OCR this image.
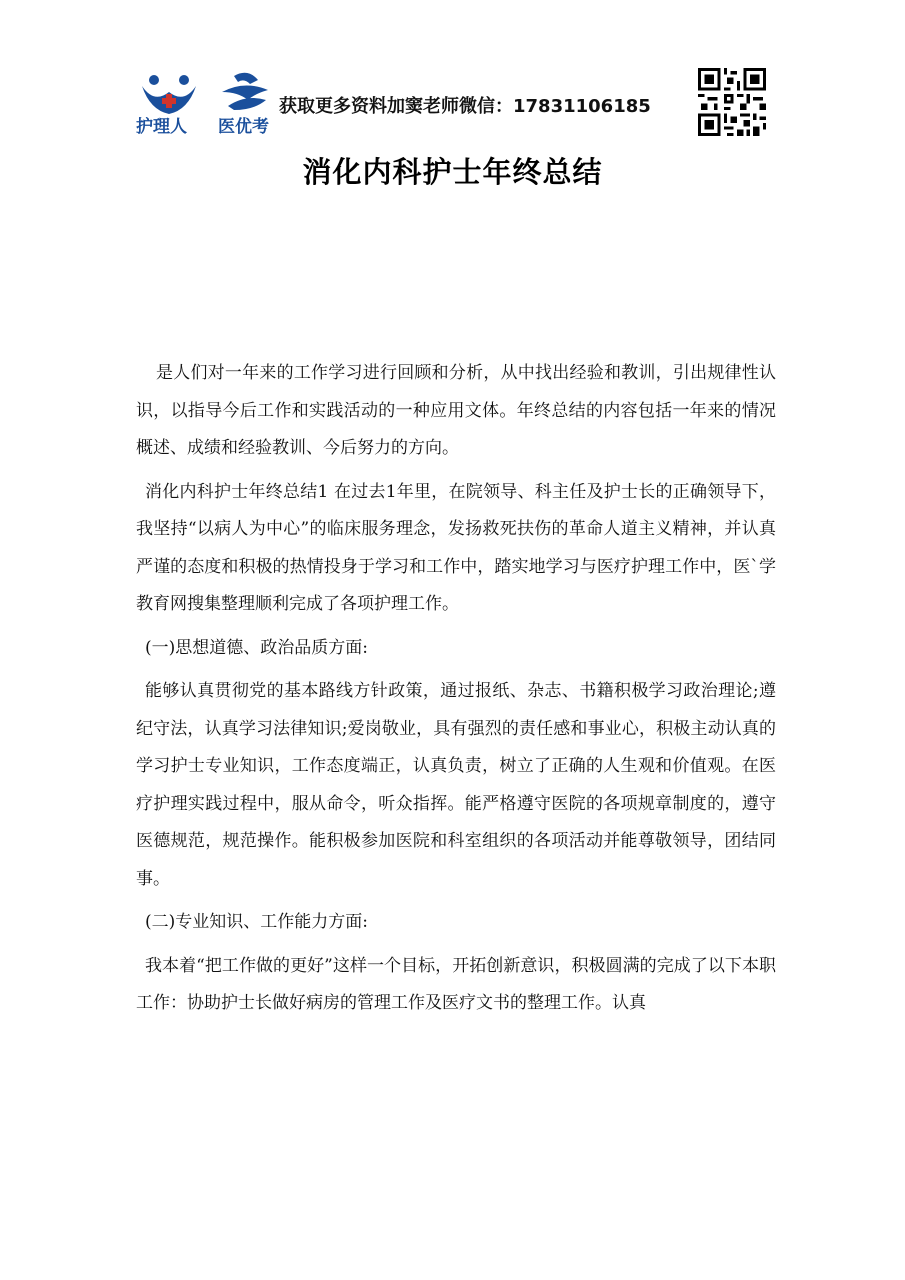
护理人 医优考
获取更多资料加窦老师微信：17831106185
消化内科护士年终总结

是人们对一年来的工作学习进行回顾和分析，从中找出经验和教训，引出规律性认识，以指导今后工作和实践活动的一种应用文体。年终总结的内容包括一年来的情况概述、成绩和经验教训、今后努力的方向。

消化内科护士年终总结1 在过去1年里，在院领导、科主任及护士长的正确领导下，我坚持“以病人为中心”的临床服务理念，发扬救死扶伤的革命人道主义精神，并认真严谨的态度和积极的热情投身于学习和工作中，踏实地学习与医疗护理工作中，医`学教育网搜集整理顺利完成了各项护理工作。

(一)思想道德、政治品质方面:

能够认真贯彻党的基本路线方针政策，通过报纸、杂志、书籍积极学习政治理论;遵纪守法，认真学习法律知识;爱岗敬业，具有强烈的责任感和事业心，积极主动认真的学习护士专业知识，工作态度端正，认真负责，树立了正确的人生观和价值观。在医疗护理实践过程中，服从命令，听众指挥。能严格遵守医院的各项规章制度的，遵守医德规范，规范操作。能积极参加医院和科室组织的各项活动并能尊敬领导，团结同事。

(二)专业知识、工作能力方面:

我本着“把工作做的更好”这样一个目标，开拓创新意识，积极圆满的完成了以下本职工作：协助护士长做好病房的管理工作及医疗文书的整理工作。认真
